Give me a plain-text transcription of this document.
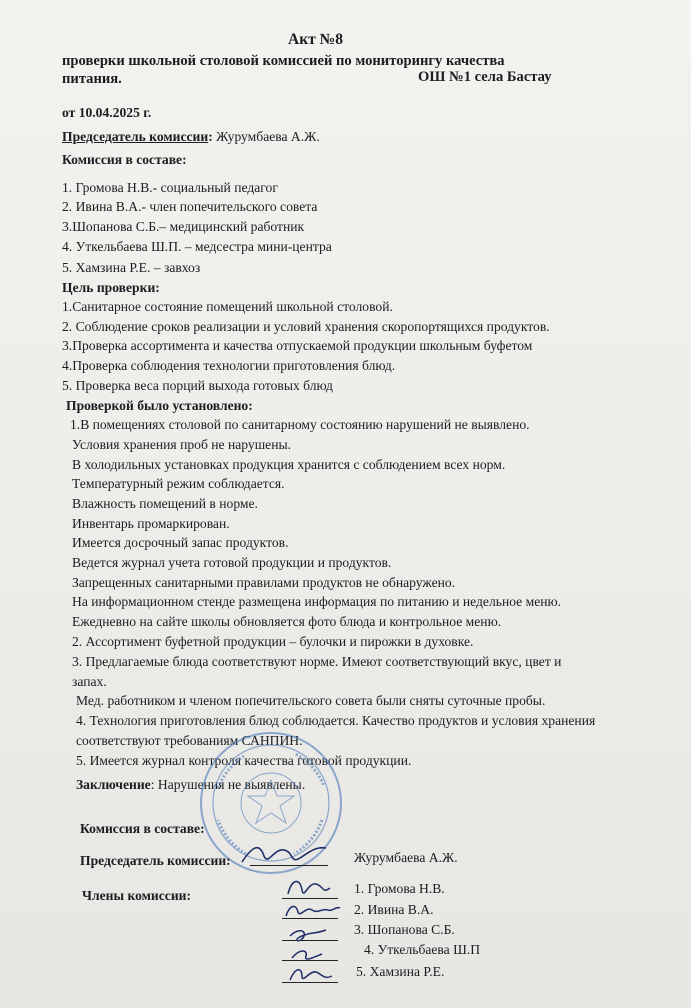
Акт №8
проверки школьной столовой комиссией по мониторингу качества
питания.	ОШ №1 села Бастау
от 10.04.2025 г.
Председатель комиссии: Журумбаева А.Ж.
Комиссия в составе:
1. Громова Н.В.- социальный педагог
2. Ивина В.А.- член попечительского совета
3.Шопанова С.Б.– медицинский работник
4. Уткельбаева Ш.П. – медсестра мини-центра
5. Хамзина Р.Е. – завхоз
Цель проверки:
1.Санитарное состояние помещений школьной столовой.
2. Соблюдение сроков реализации и условий хранения скоропортящихся продуктов.
3.Проверка ассортимента и качества отпускаемой продукции школьным буфетом
4.Проверка соблюдения технологии приготовления блюд.
5. Проверка веса порций выхода готовых блюд
Проверкой было установлено:
1.В помещениях столовой по санитарному состоянию нарушений не выявлено.
Условия хранения проб не нарушены.
В холодильных установках продукция хранится с соблюдением всех норм.
Температурный режим соблюдается.
Влажность помещений в норме.
Инвентарь промаркирован.
Имеется досрочный запас продуктов.
Ведется журнал учета готовой продукции и продуктов.
Запрещенных санитарными правилами продуктов не обнаружено.
На информационном стенде размещена информация по питанию и недельное меню.
Ежедневно на сайте школы обновляется фото блюда и контрольное меню.
2. Ассортимент буфетной продукции – булочки и пирожки в духовке.
3. Предлагаемые блюда соответствуют норме. Имеют соответствующий вкус, цвет и
запах.
Мед. работником и членом попечительского совета были сняты суточные пробы.
4. Технология приготовления блюд соблюдается. Качество продуктов и условия хранения
соответствуют требованиям САНПИН.
5. Имеется журнал контроля качества готовой продукции.
Заключение: Нарушения не выявлены.
Комиссия в составе:
Председатель комиссии:	Журумбаева А.Ж.
Члены комиссии:	1. Громова Н.В.
2. Ивина В.А.
3. Шопанова С.Б.
4. Уткельбаева Ш.П
5. Хамзина Р.Е.
